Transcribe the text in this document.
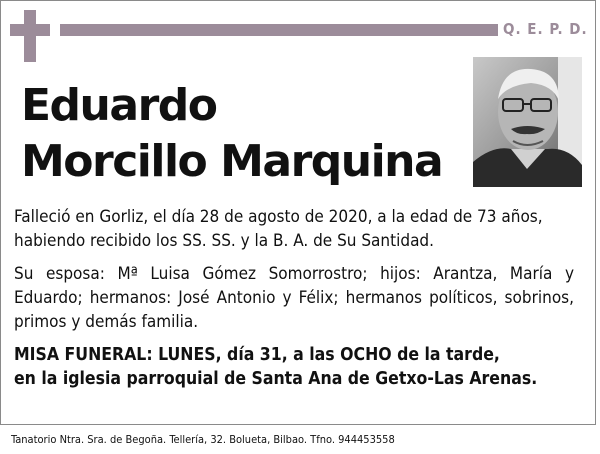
Q. E. P. D.
Eduardo
Morcillo Marquina
Falleció en Gorliz, el día 28 de agosto de 2020, a la edad de 73 años, habiendo recibido los SS. SS. y la B. A. de Su Santidad.
Su esposa: Mª Luisa Gómez Somorrostro; hijos: Arantza, María y Eduardo; hermanos: José Antonio y Félix; hermanos políticos, sobrinos, primos y demás familia.
MISA FUNERAL: LUNES, día 31, a las OCHO de la tarde,
en la iglesia parroquial de Santa Ana de Getxo-Las Arenas.
Tanatorio Ntra. Sra. de Begoña. Tellería, 32. Bolueta, Bilbao. Tfno. 944453558
